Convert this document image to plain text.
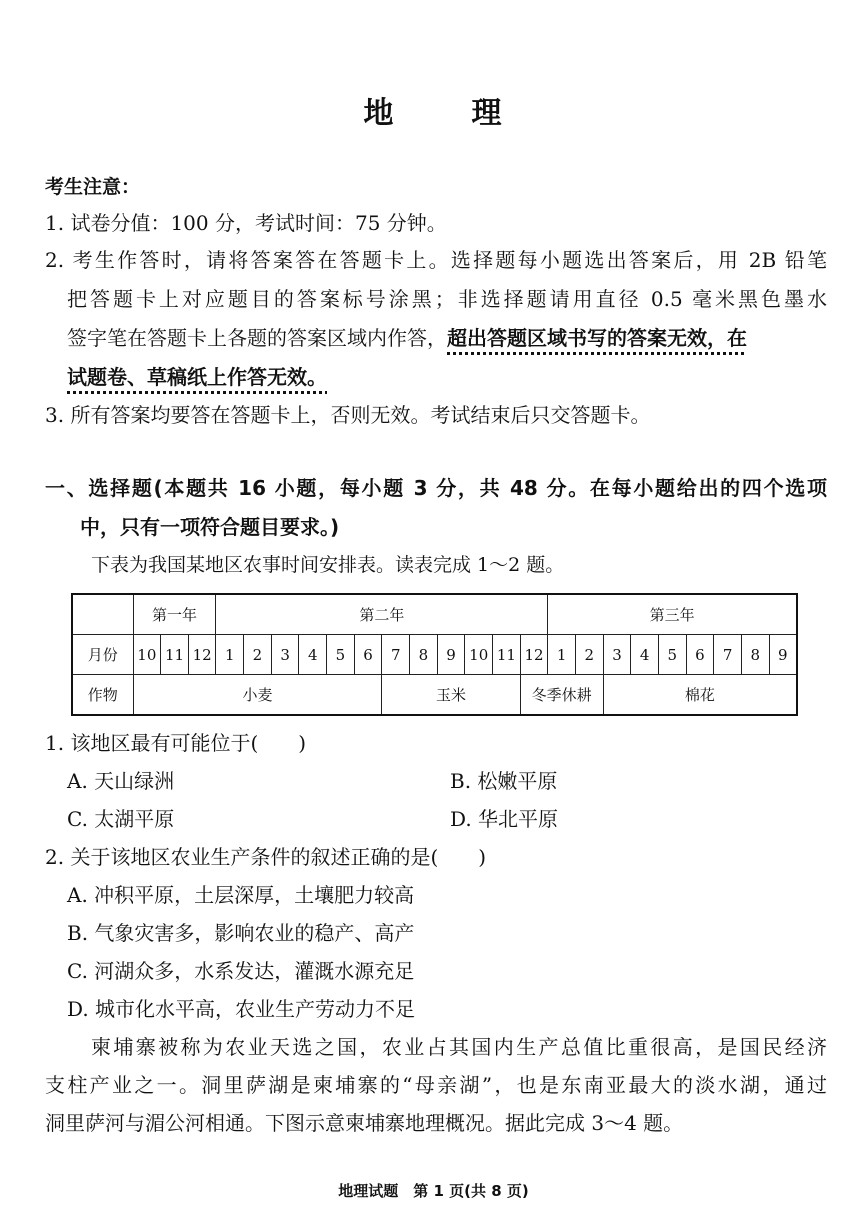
地	理
考生注意：
1. 试卷分值：100 分，考试时间：75 分钟。
2. 考生作答时，请将答案答在答题卡上。选择题每小题选出答案后，用 2B 铅笔
把答题卡上对应题目的答案标号涂黑；非选择题请用直径 0.5 毫米黑色墨水
签字笔在答题卡上各题的答案区域内作答，超出答题区域书写的答案无效，在
试题卷、草稿纸上作答无效。
3. 所有答案均要答在答题卡上，否则无效。考试结束后只交答题卡。
一、选择题(本题共 16 小题，每小题 3 分，共 48 分。在每小题给出的四个选项
中，只有一项符合题目要求。)
下表为我国某地区农事时间安排表。读表完成 1～2 题。
	第一年			第二年												第三年								
月份	10	11	12	1	2	3	4	5	6	7	8	9	10	11	12	1	2	3	4	5	6	7	8	9
作物	小麦									玉米					冬季休耕			棉花						
1. 该地区最有可能位于(　　)
A. 天山绿洲	B. 松嫩平原
C. 太湖平原	D. 华北平原
2. 关于该地区农业生产条件的叙述正确的是(　　)
A. 冲积平原，土层深厚，土壤肥力较高
B. 气象灾害多，影响农业的稳产、高产
C. 河湖众多，水系发达，灌溉水源充足
D. 城市化水平高，农业生产劳动力不足
柬埔寨被称为农业天选之国，农业占其国内生产总值比重很高，是国民经济
支柱产业之一。洞里萨湖是柬埔寨的“母亲湖”，也是东南亚最大的淡水湖，通过
洞里萨河与湄公河相通。下图示意柬埔寨地理概况。据此完成 3～4 题。
地理试题　第 1 页(共 8 页)
